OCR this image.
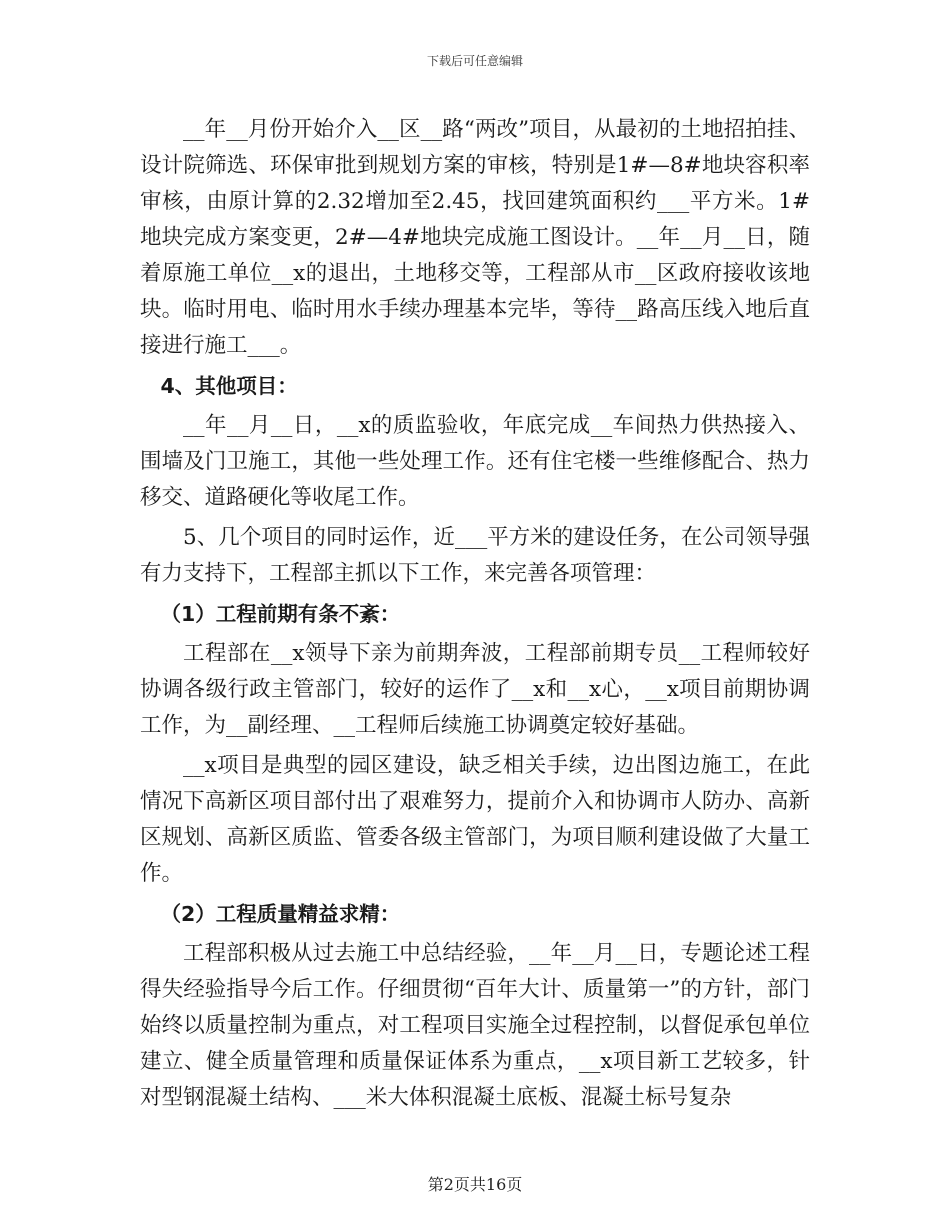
下载后可任意编辑

__年__月份开始介入__区__路“两改”项目，从最初的土地招拍挂、设计院筛选、环保审批到规划方案的审核，特别是1#—8#地块容积率审核，由原计算的2.32增加至2.45，找回建筑面积约___平方米。1#地块完成方案变更，2#—4#地块完成施工图设计。__年__月__日，随着原施工单位__x的退出，土地移交等，工程部从市__区政府接收该地块。临时用电、临时用水手续办理基本完毕，等待__路高压线入地后直接进行施工___。

4、其他项目：

__年__月__日，__x的质监验收，年底完成__车间热力供热接入、围墙及门卫施工，其他一些处理工作。还有住宅楼一些维修配合、热力移交、道路硬化等收尾工作。

5、几个项目的同时运作，近___平方米的建设任务，在公司领导强有力支持下，工程部主抓以下工作，来完善各项管理：

（1）工程前期有条不紊：

工程部在__x领导下亲为前期奔波，工程部前期专员__工程师较好协调各级行政主管部门，较好的运作了__x和__x心，__x项目前期协调工作，为__副经理、__工程师后续施工协调奠定较好基础。

__x项目是典型的园区建设，缺乏相关手续，边出图边施工，在此情况下高新区项目部付出了艰难努力，提前介入和协调市人防办、高新区规划、高新区质监、管委各级主管部门，为项目顺利建设做了大量工作。

（2）工程质量精益求精：

工程部积极从过去施工中总结经验，__年__月__日，专题论述工程得失经验指导今后工作。仔细贯彻“百年大计、质量第一”的方针，部门始终以质量控制为重点，对工程项目实施全过程控制，以督促承包单位建立、健全质量管理和质量保证体系为重点，__x项目新工艺较多，针对型钢混凝土结构、___米大体积混凝土底板、混凝土标号复杂

第2页共16页
